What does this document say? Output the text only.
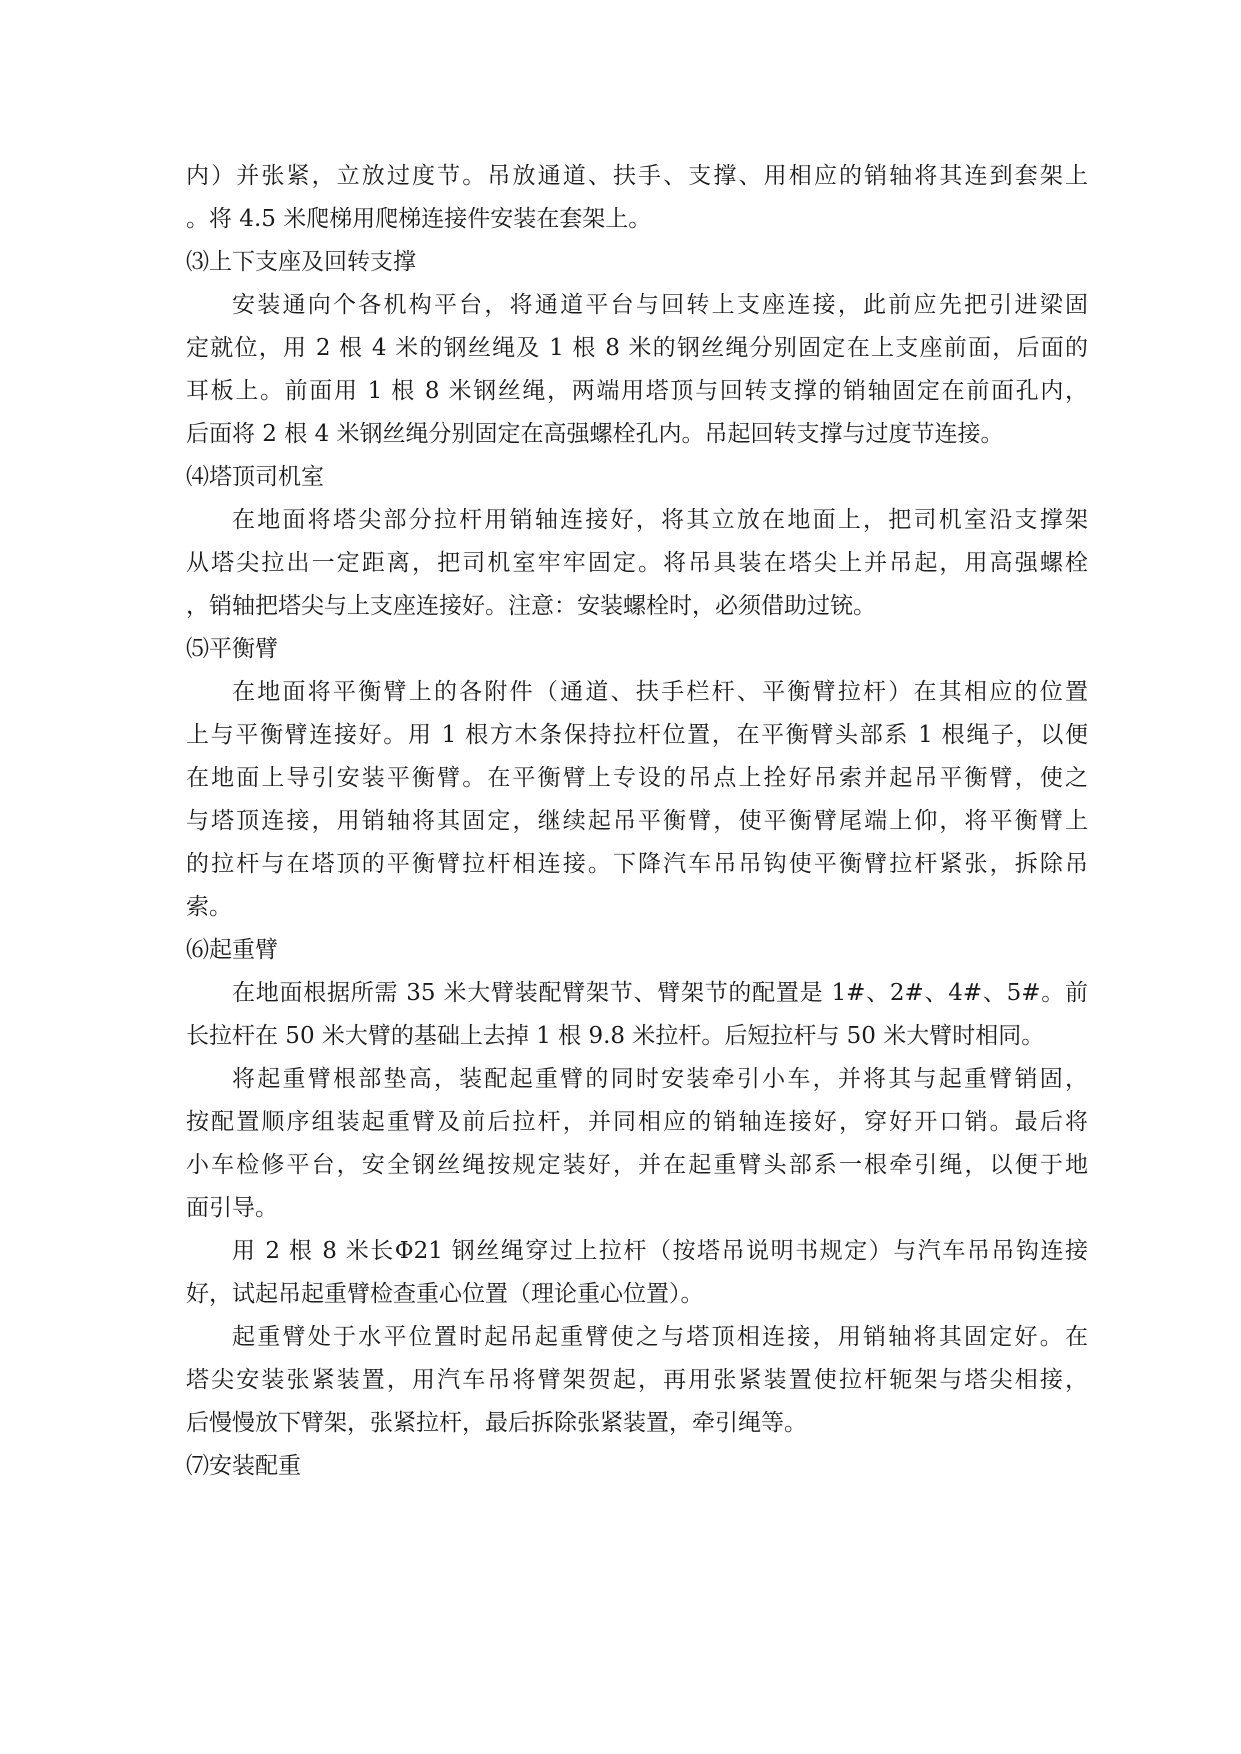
内）并张紧，立放过度节。吊放通道、扶手、支撑、用相应的销轴将其连到套架上
。将 4.5 米爬梯用爬梯连接件安装在套架上。
⑶上下支座及回转支撑
安装通向个各机构平台，将通道平台与回转上支座连接，此前应先把引进梁固
定就位，用 2 根 4 米的钢丝绳及 1 根 8 米的钢丝绳分别固定在上支座前面，后面的
耳板上。前面用 1 根 8 米钢丝绳，两端用塔顶与回转支撑的销轴固定在前面孔内，
后面将 2 根 4 米钢丝绳分别固定在高强螺栓孔内。吊起回转支撑与过度节连接。
⑷塔顶司机室
在地面将塔尖部分拉杆用销轴连接好，将其立放在地面上，把司机室沿支撑架
从塔尖拉出一定距离，把司机室牢牢固定。将吊具装在塔尖上并吊起，用高强螺栓
，销轴把塔尖与上支座连接好。注意：安装螺栓时，必须借助过铳。
⑸平衡臂
在地面将平衡臂上的各附件（通道、扶手栏杆、平衡臂拉杆）在其相应的位置
上与平衡臂连接好。用 1 根方木条保持拉杆位置，在平衡臂头部系 1 根绳子，以便
在地面上导引安装平衡臂。在平衡臂上专设的吊点上拴好吊索并起吊平衡臂，使之
与塔顶连接，用销轴将其固定，继续起吊平衡臂，使平衡臂尾端上仰，将平衡臂上
的拉杆与在塔顶的平衡臂拉杆相连接。下降汽车吊吊钩使平衡臂拉杆紧张，拆除吊
索。
⑹起重臂
在地面根据所需 35 米大臂装配臂架节、臂架节的配置是 1#、2#、4#、5#。前
长拉杆在 50 米大臂的基础上去掉 1 根 9.8 米拉杆。后短拉杆与 50 米大臂时相同。
将起重臂根部垫高，装配起重臂的同时安装牵引小车，并将其与起重臂销固，
按配置顺序组装起重臂及前后拉杆，并同相应的销轴连接好，穿好开口销。最后将
小车检修平台，安全钢丝绳按规定装好，并在起重臂头部系一根牵引绳，以便于地
面引导。
用 2 根 8 米长Φ21 钢丝绳穿过上拉杆（按塔吊说明书规定）与汽车吊吊钩连接
好，试起吊起重臂检查重心位置（理论重心位置）。
起重臂处于水平位置时起吊起重臂使之与塔顶相连接，用销轴将其固定好。在
塔尖安装张紧装置，用汽车吊将臂架贺起，再用张紧装置使拉杆轭架与塔尖相接，
后慢慢放下臂架，张紧拉杆，最后拆除张紧装置，牵引绳等。
⑺安装配重
